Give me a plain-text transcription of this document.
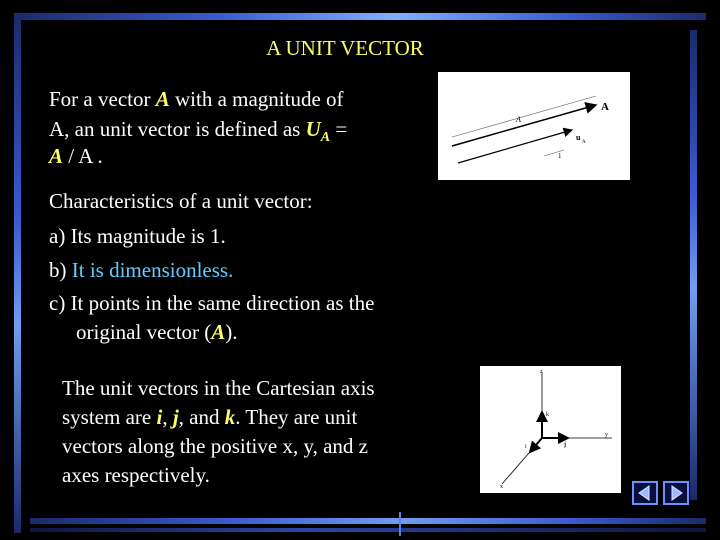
A UNIT VECTOR
For a vector A with a magnitude of
A, an unit vector is defined as $U_A$ =
A / A .
Characteristics of a unit vector:
a) Its magnitude is 1.
b) It is dimensionless.
c) It points in the same direction as the
original vector (A).
The unit vectors in the Cartesian axis
system are i, j, and k. They are unit
vectors along the positive x, y, and z
axes respectively.
A
A
u
A
1
z
y
x
k
j
i
